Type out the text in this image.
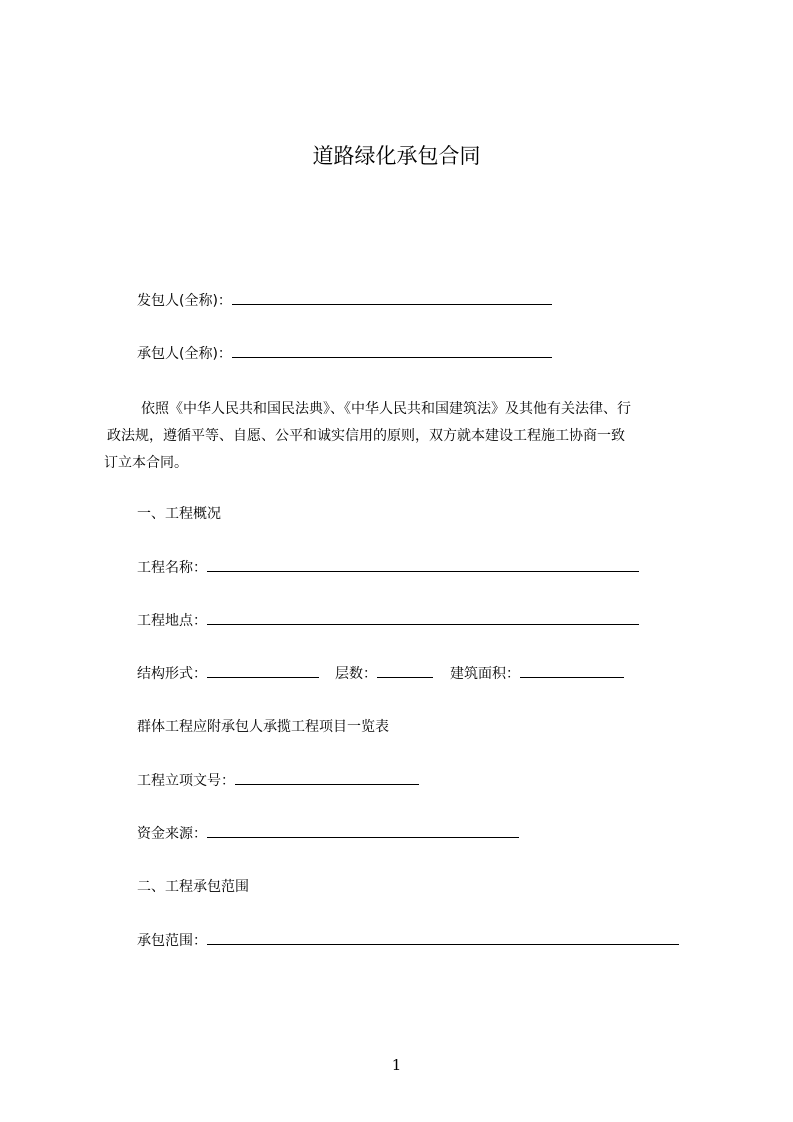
道路绿化承包合同
发包人(全称)：
承包人(全称)：
依照《中华人民共和国民法典》、《中华人民共和国建筑法》及其他有关法律、行
政法规，遵循平等、自愿、公平和诚实信用的原则，双方就本建设工程施工协商一致
订立本合同。
一、工程概况
工程名称：
工程地点：
结构形式：	层数：	建筑面积：
群体工程应附承包人承揽工程项目一览表
工程立项文号：
资金来源：
二、工程承包范围
承包范围：
1
